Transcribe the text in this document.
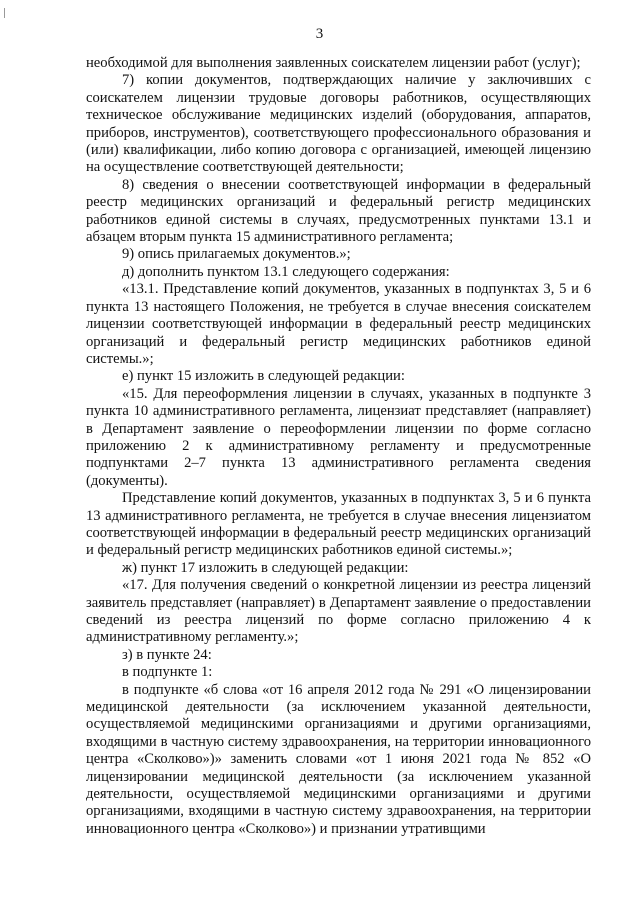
3

необходимой для выполнения заявленных соискателем лицензии работ (услуг);

7) копии документов, подтверждающих наличие у заключивших с соискателем лицензии трудовые договоры работников, осуществляющих техническое обслуживание медицинских изделий (оборудования, аппаратов, приборов, инструментов), соответствующего профессионального образования и (или) квалификации, либо копию договора с организацией, имеющей лицензию на осуществление соответствующей деятельности;

8) сведения о внесении соответствующей информации в федеральный реестр медицинских организаций и федеральный регистр медицинских работников единой системы в случаях, предусмотренных пунктами 13.1 и абзацем вторым пункта 15 административного регламента;

9) опись прилагаемых документов.»;

д) дополнить пунктом 13.1 следующего содержания:

«13.1. Представление копий документов, указанных в подпунктах 3, 5 и 6 пункта 13 настоящего Положения, не требуется в случае внесения соискателем лицензии соответствующей информации в федеральный реестр медицинских организаций и федеральный регистр медицинских работников единой системы.»;

е) пункт 15 изложить в следующей редакции:

«15. Для переоформления лицензии в случаях, указанных в подпункте 3 пункта 10 административного регламента, лицензиат представляет (направляет) в Департамент заявление о переоформлении лицензии по форме согласно приложению 2 к административному регламенту и предусмотренные подпунктами 2–7 пункта 13 административного регламента сведения (документы).

Представление копий документов, указанных в подпунктах 3, 5 и 6 пункта 13 административного регламента, не требуется в случае внесения лицензиатом соответствующей информации в федеральный реестр медицинских организаций и федеральный регистр медицинских работников единой системы.»;

ж) пункт 17 изложить в следующей редакции:

«17. Для получения сведений о конкретной лицензии из реестра лицензий заявитель представляет (направляет) в Департамент заявление о предоставлении сведений из реестра лицензий по форме согласно приложению 4 к административному регламенту.»;

з) в пункте 24:

в подпункте 1:

в подпункте «б слова «от 16 апреля 2012 года № 291 «О лицензировании медицинской деятельности (за исключением указанной деятельности, осуществляемой медицинскими организациями и другими организациями, входящими в частную систему здравоохранения, на территории инновационного центра «Сколково»)» заменить словами «от 1 июня 2021 года № 852 «О лицензировании медицинской деятельности (за исключением указанной деятельности, осуществляемой медицинскими организациями и другими организациями, входящими в частную систему здравоохранения, на территории инновационного центра «Сколково») и признании утративщими
